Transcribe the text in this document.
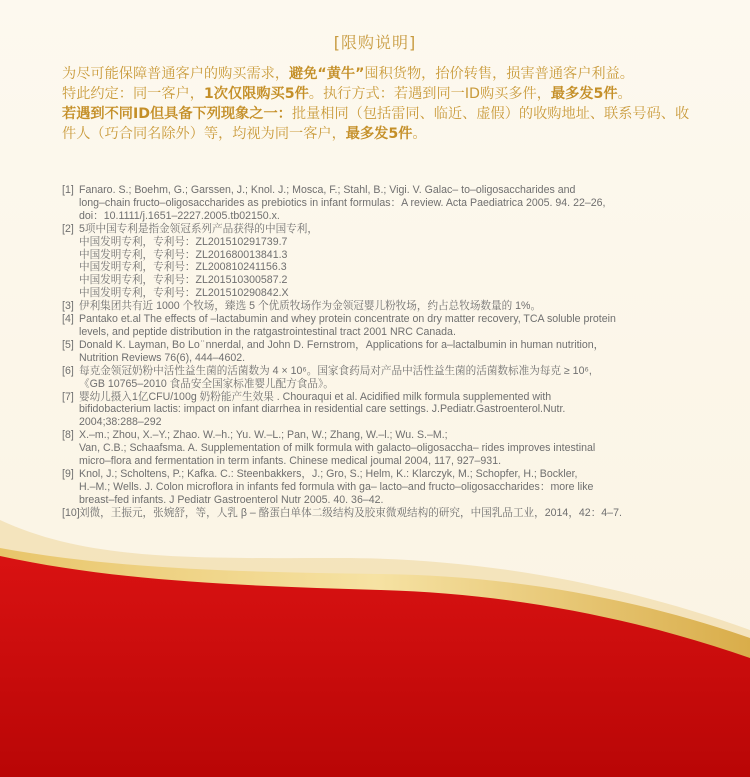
[限购说明]

为尽可能保障普通客户的购买需求，避免“黄牛”囤积货物，抬价转售，损害普通客户利益。

特此约定：同一客户，1次仅限购买5件。执行方式：若遇到同一ID购买多件，最多发5件。

若遇到不同ID但具备下列现象之一：批量相同（包括雷同、临近、虚假）的收购地址、联系号码、收件人（巧合同名除外）等，均视为同一客户，最多发5件。

[1] Fanaro. S.; Boehm, G.; Garssen, J.; Knol. J.; Mosca, F.; Stahl, B.; Vigi. V. Galac– to–oligosaccharides and

long–chain fructo–oligosaccharides as prebiotics in infant formulas：A review. Acta Paediatrica 2005. 94. 22–26,

doi：10.1111/j.1651–2227.2005.tb02150.x.

[2] 5项中国专利是指金领冠系列产品获得的中国专利，

中国发明专利，专利号：ZL201510291739.7

中国发明专利，专利号：ZL201680013841.3

中国发明专利，专利号：ZL200810241156.3

中国发明专利，专利号：ZL201510300587.2

中国发明专利，专利号：ZL201510290842.X

[3] 伊利集团共有近 1000 个牧场，臻选 5 个优质牧场作为金领冠婴儿粉牧场，约占总牧场数量的 1%。

[4] Pantako et.al The effects of –lactabumin and whey protein concentrate on dry matter recovery, TCA soluble protein

levels, and peptide distribution in the ratgastrointestinal tract 2001 NRC Canada.

[5] Donald K. Layman, Bo Lo ̈ nnerdal, and John D. Fernstrom，Applications for a–lactalbumin in human nutrition，

Nutrition Reviews 76(6), 444–4602.

[6] 每克金领冠奶粉中活性益生菌的活菌数为 4 × 10⁶。国家食药局对产品中活性益生菌的活菌数标准为每克 ≥ 10⁶,

《GB 10765–2010 食品安全国家标准婴儿配方食品》。

[7] 婴幼儿摄入1亿CFU/100g 奶粉能产生效果 . Chouraqui et al. Acidified milk formula supplemented with

bifidobacterium lactis: impact on infant diarrhea in residential care settings. J.Pediatr.Gastroenterol.Nutr.

2004;38:288–292

[8] X.–m.; Zhou, X.–Y.; Zhao. W.–h.; Yu. W.–L.; Pan, W.; Zhang, W.–l.; Wu. S.–M.;

Van, C.B.; Schaafsma. A. Supplementation of milk formula with galacto–oligosaccha– rides improves intestinal

micro–flora and fermentation in term infants. Chinese medical joumal 2004, 117, 927–931.

[9] Knol, J.; Scholtens, P.; Kafka. C.: Steenbakkers，J.; Gro, S.; Helm, K.: Klarczyk, M.; Schopfer, H.; Bockler,

H.–M.; Wells. J. Colon microflora in infants fed formula with ga– lacto–and fructo–oligosaccharides：more like

breast–fed infants. J Pediatr Gastroenterol Nutr 2005. 40. 36–42.

[10]刘微，王振元，张婉舒，等，人乳 β – 酪蛋白单体二级结构及胶束微观结构的研究，中国乳品工业，2014，42：4–7.
